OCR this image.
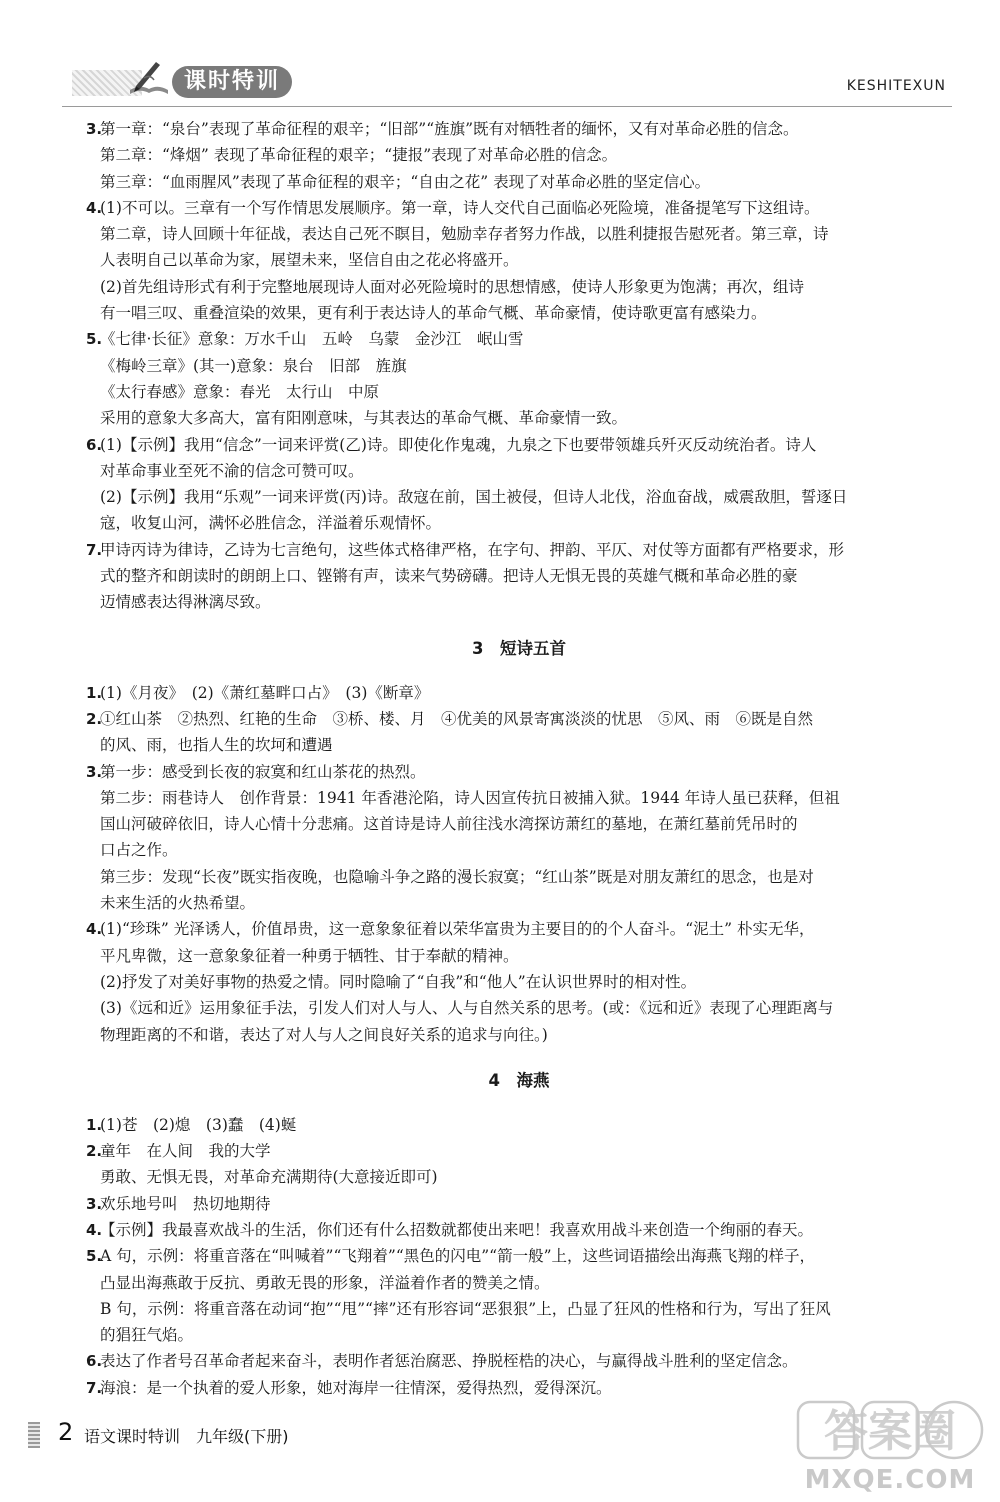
课时特训	KESHITEXUN
3.
第一章：“泉台”表现了革命征程的艰辛；“旧部”“旌旗”既有对牺牲者的缅怀，又有对革命必胜的信念。
第二章：“烽烟” 表现了革命征程的艰辛；“捷报”表现了对革命必胜的信念。
第三章：“血雨腥风”表现了革命征程的艰辛；“自由之花” 表现了对革命必胜的坚定信心。
4.
(1)不可以。三章有一个写作情思发展顺序。第一章，诗人交代自己面临必死险境，准备提笔写下这组诗。
第二章，诗人回顾十年征战，表达自己死不瞑目，勉励幸存者努力作战，以胜利捷报告慰死者。第三章，诗
人表明自己以革命为家，展望未来，坚信自由之花必将盛开。
(2)首先组诗形式有利于完整地展现诗人面对必死险境时的思想情感，使诗人形象更为饱满；再次，组诗
有一唱三叹、重叠渲染的效果，更有利于表达诗人的革命气概、革命豪情，使诗歌更富有感染力。
5.
《七律·长征》意象：万水千山　五岭　乌蒙　金沙江　岷山雪
《梅岭三章》(其一)意象：泉台　旧部　旌旗
《太行春感》意象：春光　太行山　中原
采用的意象大多高大，富有阳刚意味，与其表达的革命气概、革命豪情一致。
6.
(1)【示例】我用“信念”一词来评赏(乙)诗。即使化作鬼魂，九泉之下也要带领雄兵歼灭反动统治者。诗人
对革命事业至死不渝的信念可赞可叹。
(2)【示例】我用“乐观”一词来评赏(丙)诗。敌寇在前，国土被侵，但诗人北伐，浴血奋战，威震敌胆，誓逐日
寇，收复山河，满怀必胜信念，洋溢着乐观情怀。
7.
甲诗丙诗为律诗，乙诗为七言绝句，这些体式格律严格，在字句、押韵、平仄、对仗等方面都有严格要求，形
式的整齐和朗读时的朗朗上口、铿锵有声，读来气势磅礴。把诗人无惧无畏的英雄气概和革命必胜的豪
迈情感表达得淋漓尽致。
3　短诗五首
1.
(1)《月夜》　(2)《萧红墓畔口占》　(3)《断章》
2.
①红山茶　②热烈、红艳的生命　③桥、楼、月　④优美的风景寄寓淡淡的忧思　⑤风、雨　⑥既是自然
的风、雨，也指人生的坎坷和遭遇
3.
第一步：感受到长夜的寂寞和红山茶花的热烈。
第二步：雨巷诗人　创作背景：1941 年香港沦陷，诗人因宣传抗日被捕入狱。1944 年诗人虽已获释，但祖
国山河破碎依旧，诗人心情十分悲痛。这首诗是诗人前往浅水湾探访萧红的墓地，在萧红墓前凭吊时的
口占之作。
第三步：发现“长夜”既实指夜晚，也隐喻斗争之路的漫长寂寞；“红山茶”既是对朋友萧红的思念，也是对
未来生活的火热希望。
4.
(1)“珍珠” 光泽诱人，价值昂贵，这一意象象征着以荣华富贵为主要目的的个人奋斗。“泥土” 朴实无华，
平凡卑微，这一意象象征着一种勇于牺牲、甘于奉献的精神。
(2)抒发了对美好事物的热爱之情。同时隐喻了“自我”和“他人”在认识世界时的相对性。
(3)《远和近》运用象征手法，引发人们对人与人、人与自然关系的思考。(或：《远和近》表现了心理距离与
物理距离的不和谐，表达了对人与人之间良好关系的追求与向往。)
4　海燕
1.
(1)苍　(2)熄　(3)蠢　(4)蜒
2.
童年　在人间　我的大学
勇敢、无惧无畏，对革命充满期待(大意接近即可)
3.
欢乐地号叫　热切地期待
4.
【示例】我最喜欢战斗的生活，你们还有什么招数就都使出来吧！我喜欢用战斗来创造一个绚丽的春天。
5.
A 句，示例：将重音落在“叫喊着”“飞翔着”“黑色的闪电”“箭一般”上，这些词语描绘出海燕飞翔的样子，
凸显出海燕敢于反抗、勇敢无畏的形象，洋溢着作者的赞美之情。
B 句，示例：将重音落在动词“抱”“甩”“摔”还有形容词“恶狠狠”上，凸显了狂风的性格和行为，写出了狂风
的猖狂气焰。
6.
表达了作者号召革命者起来奋斗，表明作者惩治腐恶、挣脱桎梏的决心，与赢得战斗胜利的坚定信念。
7.
海浪：是一个执着的爱人形象，她对海岸一往情深，爱得热烈，爱得深沉。
2 语文课时特训　九年级(下册)	答案圈
MXQE.COM
